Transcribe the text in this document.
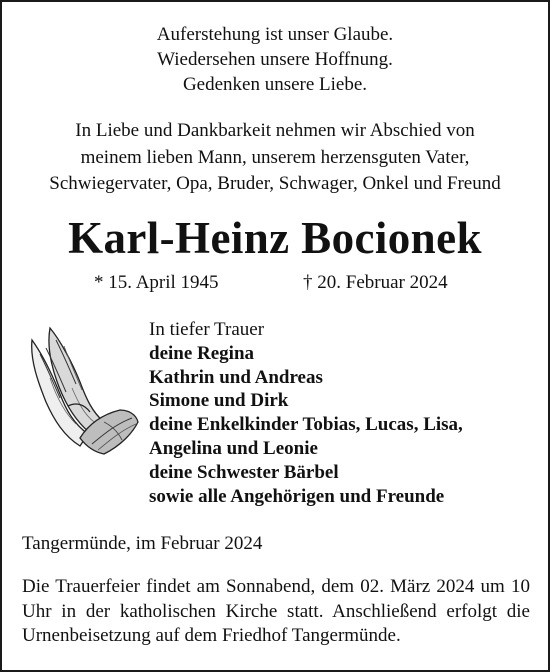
Auferstehung ist unser Glaube.
Wiedersehen unsere Hoffnung.
Gedenken unsere Liebe.
In Liebe und Dankbarkeit nehmen wir Abschied von
meinem lieben Mann, unserem herzensguten Vater,
Schwiegervater, Opa, Bruder, Schwager, Onkel und Freund
Karl-Heinz Bocionek
* 15. April 1945	† 20. Februar 2024
In tiefer Trauer
deine Regina
Kathrin und Andreas
Simone und Dirk
deine Enkelkinder Tobias, Lucas, Lisa,
Angelina und Leonie
deine Schwester Bärbel
sowie alle Angehörigen und Freunde
Tangermünde, im Februar 2024
Die Trauerfeier findet am Sonnabend, dem 02. März 2024 um 10 Uhr in der katholischen Kirche statt. Anschließend erfolgt die Urnenbeisetzung auf dem Friedhof Tangermünde.
